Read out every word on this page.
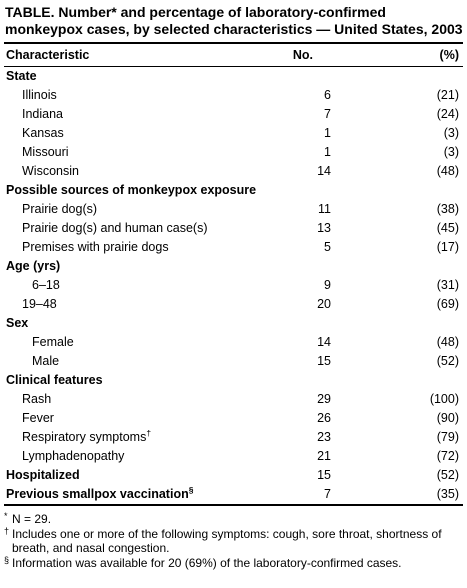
TABLE. Number* and percentage of laboratory-confirmed monkeypox cases, by selected characteristics — United States, 2003
Characteristic	No.	(%)
State
Illinois	6	(21)
Indiana	7	(24)
Kansas	1	(3)
Missouri	1	(3)
Wisconsin	14	(48)
Possible sources of monkeypox exposure
Prairie dog(s)	11	(38)
Prairie dog(s) and human case(s)	13	(45)
Premises with prairie dogs	5	(17)
Age (yrs)
6–18	9	(31)
19–48	20	(69)
Sex
Female	14	(48)
Male	15	(52)
Clinical features
Rash	29	(100)
Fever	26	(90)
Respiratory symptoms†	23	(79)
Lymphadenopathy	21	(72)
Hospitalized	15	(52)
Previous smallpox vaccination§	7	(35)
* N = 29.
† Includes one or more of the following symptoms: cough, sore throat, shortness of breath, and nasal congestion.
§ Information was available for 20 (69%) of the laboratory-confirmed cases.
